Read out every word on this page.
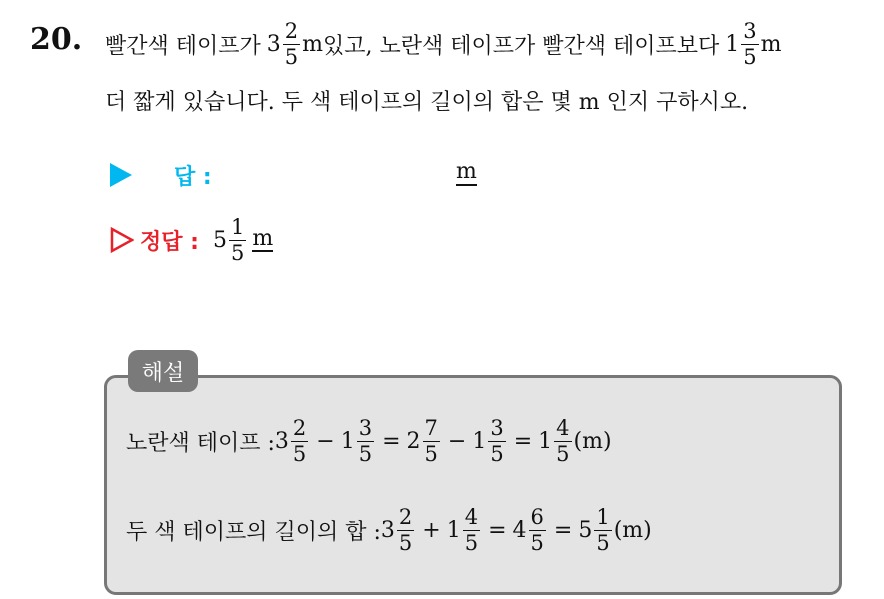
20. 빨간색 테이프가 $3 \frac{2}{5}$ m 있고, 노란색 테이프가 빨간색 테이프보다 $1 \frac{3}{5}$ m
더 짧게 있습니다. 두 색 테이프의 길이의 합은 몇 m 인지 구하시오.
답 :	m
정답 : $5 \frac{1}{5}$ m
해설
노란색 테이프 : $3 \frac{2}{5} - 1 \frac{3}{5} = 2 \frac{7}{5} - 1 \frac{3}{5} = 1 \frac{4}{5} (m)$
두 색 테이프의 길이의 합 : $3 \frac{2}{5} + 1 \frac{4}{5} = 4 \frac{6}{5} = 5 \frac{1}{5} (m)$
